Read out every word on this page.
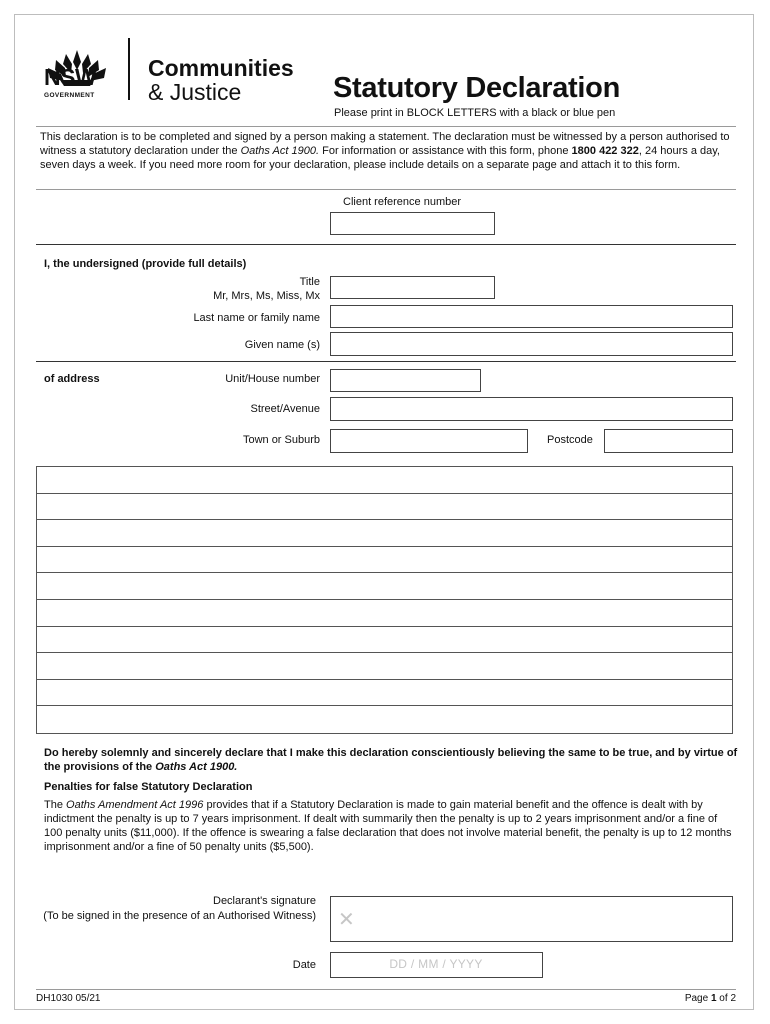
NSW
GOVERNMENT
Communities
& Justice	Statutory Declaration
Please print in BLOCK LETTERS with a black or blue pen
This declaration is to be completed and signed by a person making a statement. The declaration must be witnessed by a person authorised to witness a statutory declaration under the Oaths Act 1900. For information or assistance with this form, phone 1800 422 322, 24 hours a day, seven days a week. If you need more room for your declaration, please include details on a separate page and attach it to this form.
Client reference number
I, the undersigned (provide full details)
Title
Mr, Mrs, Ms, Miss, Mx
Last name or family name
Given name (s)
of address	Unit/House number
Street/Avenue
Town or Suburb	Postcode
Do hereby solemnly and sincerely declare that I make this declaration conscientiously believing the same to be true, and by virtue of the provisions of the Oaths Act 1900.
Penalties for false Statutory Declaration
The Oaths Amendment Act 1996 provides that if a Statutory Declaration is made to gain material benefit and the offence is dealt with by indictment the penalty is up to 7 years imprisonment. If dealt with summarily then the penalty is up to 2 years imprisonment and/or a fine of 100 penalty units ($11,000). If the offence is swearing a false declaration that does not involve material benefit, the penalty is up to 12 months imprisonment and/or a fine of 50 penalty units ($5,500).
Declarant's signature
(To be signed in the presence of an Authorised Witness) ✕
Date	DD / MM / YYYY
DH1030 05/21	Page 1 of 2
